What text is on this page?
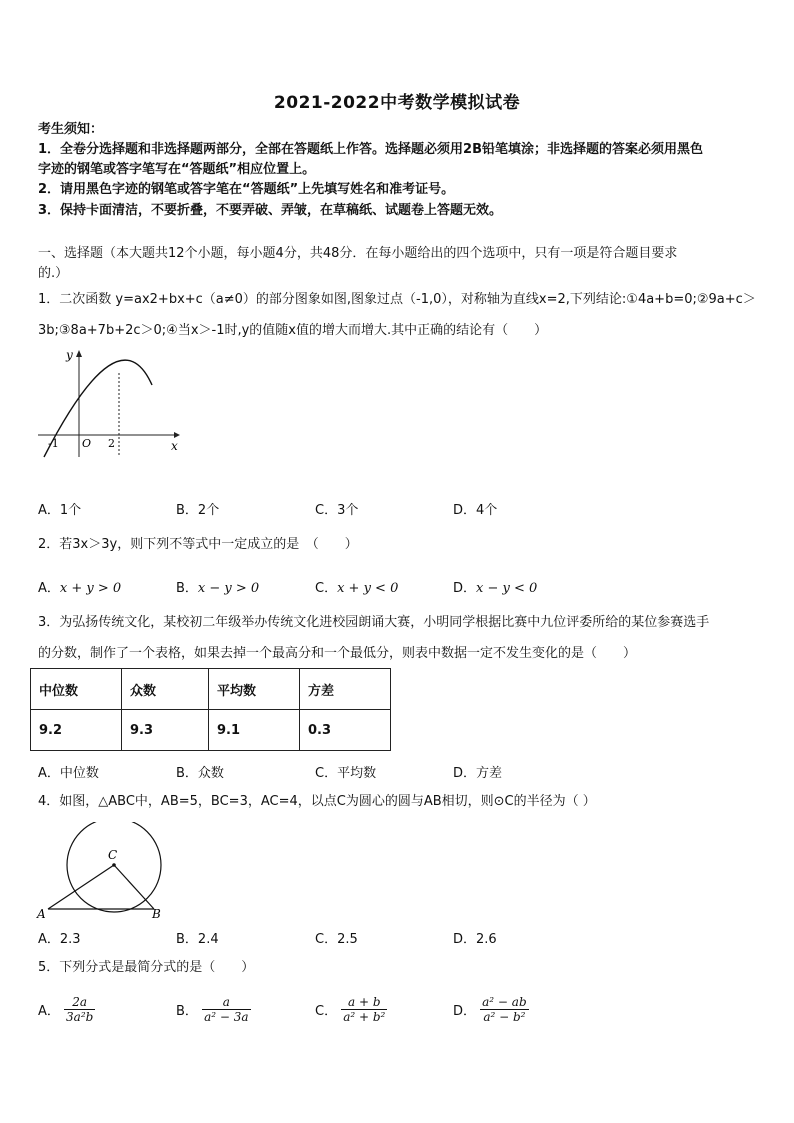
2021-2022中考数学模拟试卷
考生须知：
1．全卷分选择题和非选择题两部分，全部在答题纸上作答。选择题必须用2B铅笔填涂；非选择题的答案必须用黑色
字迹的钢笔或答字笔写在“答题纸”相应位置上。
2．请用黑色字迹的钢笔或答字笔在“答题纸”上先填写姓名和准考证号。
3．保持卡面清洁，不要折叠，不要弄破、弄皱，在草稿纸、试题卷上答题无效。
一、选择题（本大题共12个小题，每小题4分，共48分．在每小题给出的四个选项中，只有一项是符合题目要求
的.）
1．二次函数 y=ax2+bx+c（a≠0）的部分图象如图,图象过点（-1,0），对称轴为直线x=2,下列结论:①4a+b=0;②9a+c＞
3b;③8a+7b+2c＞0;④当x＞-1时,y的值随x值的增大而增大.其中正确的结论有（　　）
y
x
-1 O 2
A．1个	B．2个	C．3个	D．4个
2．若3x＞3y，则下列不等式中一定成立的是　（　　）
A．x + y > 0	B．x − y > 0	C．x + y < 0	D．x − y < 0
3．为弘扬传统文化，某校初二年级举办传统文化进校园朗诵大赛，小明同学根据比赛中九位评委所给的某位参赛选手
的分数，制作了一个表格，如果去掉一个最高分和一个最低分，则表中数据一定不发生变化的是（　　）
中位数	众数	平均数	方差
9.2	9.3	9.1	0.3
A．中位数	B．众数	C．平均数	D．方差
4．如图，△ABC中，AB=5，BC=3，AC=4，以点C为圆心的圆与AB相切，则⊙C的半径为（ ）
C
A	B
A．2.3	B．2.4	C．2.5	D．2.6
5．下列分式是最简分式的是（　　）
A． $\frac{2a}{\text{3a²b}}$	B． $\frac{a}{\text{a² − 3a}}$	C． $\frac{a + b}{\text{a² + b²}}$	D． $\frac{\text{a² − ab}}{\text{a² − b²}}$
